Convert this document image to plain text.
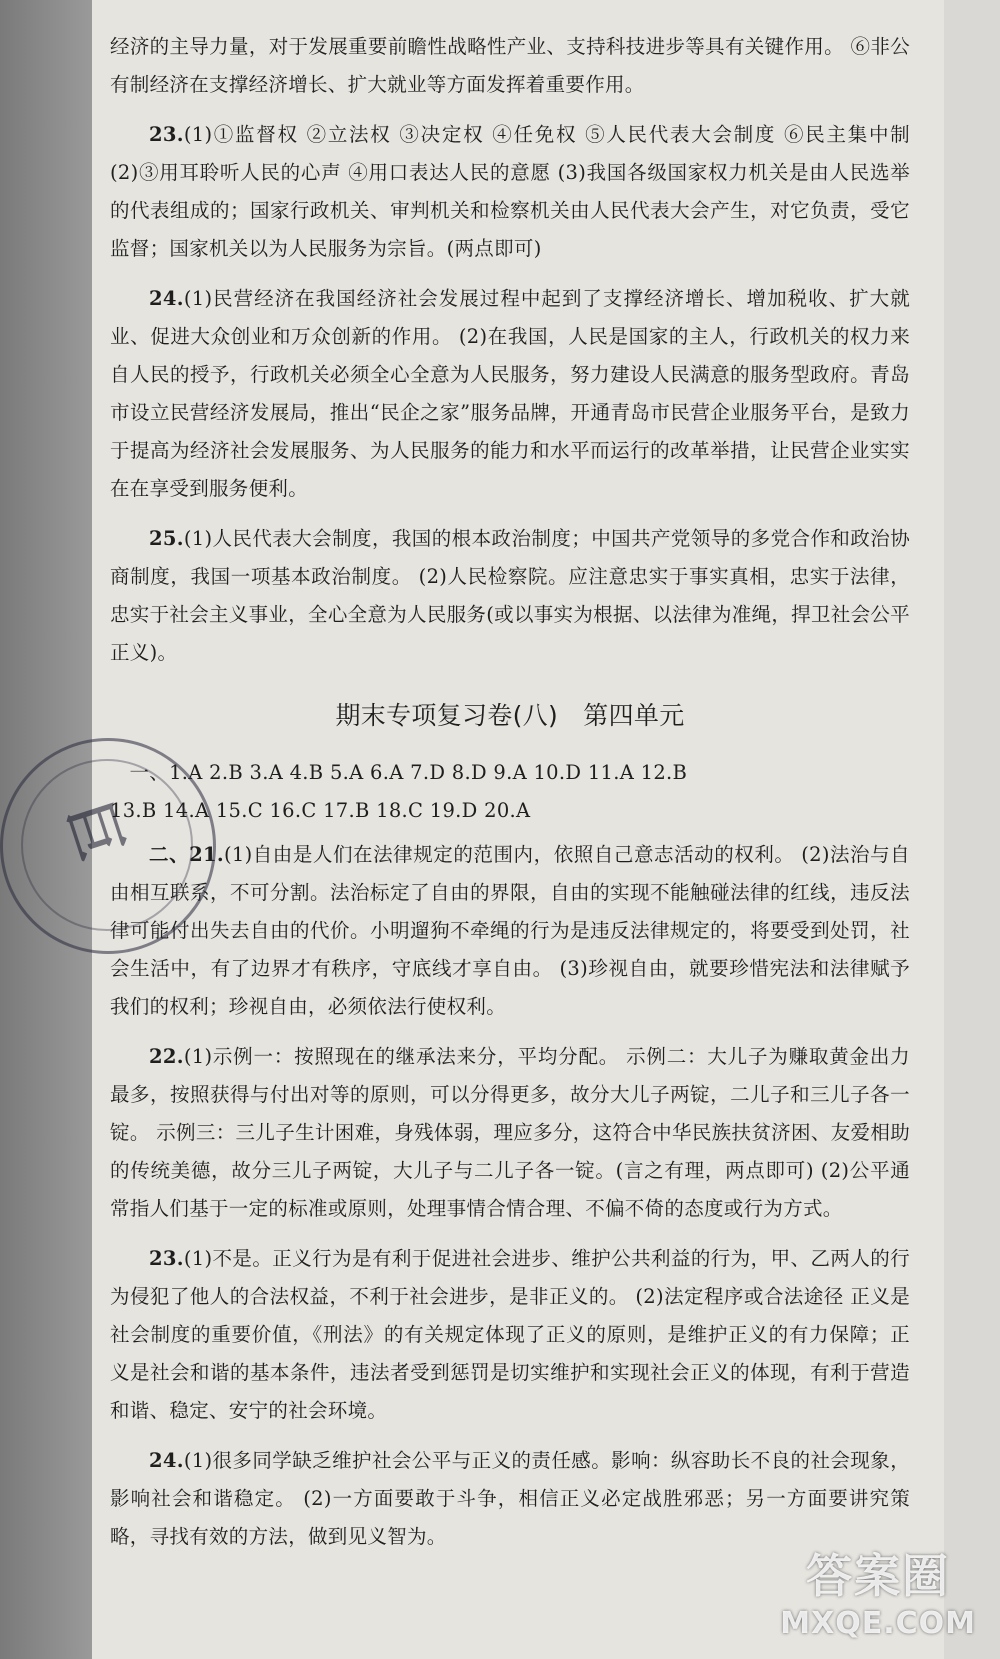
经济的主导力量，对于发展重要前瞻性战略性产业、支持科技进步等具有关键作用。 ⑥非公有制经济在支撑经济增长、扩大就业等方面发挥着重要作用。

23.(1)①监督权 ②立法权 ③决定权 ④任免权 ⑤人民代表大会制度 ⑥民主集中制 (2)③用耳聆听人民的心声 ④用口表达人民的意愿 (3)我国各级国家权力机关是由人民选举的代表组成的；国家行政机关、审判机关和检察机关由人民代表大会产生，对它负责，受它监督；国家机关以为人民服务为宗旨。(两点即可)

24.(1)民营经济在我国经济社会发展过程中起到了支撑经济增长、增加税收、扩大就业、促进大众创业和万众创新的作用。 (2)在我国，人民是国家的主人，行政机关的权力来自人民的授予，行政机关必须全心全意为人民服务，努力建设人民满意的服务型政府。青岛市设立民营经济发展局，推出“民企之家”服务品牌，开通青岛市民营企业服务平台，是致力于提高为经济社会发展服务、为人民服务的能力和水平而运行的改革举措，让民营企业实实在在享受到服务便利。

25.(1)人民代表大会制度，我国的根本政治制度；中国共产党领导的多党合作和政治协商制度，我国一项基本政治制度。 (2)人民检察院。应注意忠实于事实真相，忠实于法律，忠实于社会主义事业，全心全意为人民服务(或以事实为根据、以法律为准绳，捍卫社会公平正义)。

期末专项复习卷(八)　第四单元

一、1.A 2.B 3.A 4.B 5.A 6.A 7.D 8.D 9.A 10.D 11.A 12.B

13.B 14.A 15.C 16.C 17.B 18.C 19.D 20.A

二、21.(1)自由是人们在法律规定的范围内，依照自己意志活动的权利。 (2)法治与自由相互联系，不可分割。法治标定了自由的界限，自由的实现不能触碰法律的红线，违反法律可能付出失去自由的代价。小明遛狗不牵绳的行为是违反法律规定的，将要受到处罚，社会生活中，有了边界才有秩序，守底线才享自由。 (3)珍视自由，就要珍惜宪法和法律赋予我们的权利；珍视自由，必须依法行使权利。

22.(1)示例一：按照现在的继承法来分，平均分配。 示例二：大儿子为赚取黄金出力最多，按照获得与付出对等的原则，可以分得更多，故分大儿子两锭，二儿子和三儿子各一锭。 示例三：三儿子生计困难，身残体弱，理应多分，这符合中华民族扶贫济困、友爱相助的传统美德，故分三儿子两锭，大儿子与二儿子各一锭。(言之有理，两点即可) (2)公平通常指人们基于一定的标准或原则，处理事情合情合理、不偏不倚的态度或行为方式。

23.(1)不是。正义行为是有利于促进社会进步、维护公共利益的行为，甲、乙两人的行为侵犯了他人的合法权益，不利于社会进步，是非正义的。 (2)法定程序或合法途径 正义是社会制度的重要价值，《刑法》的有关规定体现了正义的原则，是维护正义的有力保障；正义是社会和谐的基本条件，违法者受到惩罚是切实维护和实现社会正义的体现，有利于营造和谐、稳定、安宁的社会环境。

24.(1)很多同学缺乏维护社会公平与正义的责任感。影响：纵容助长不良的社会现象，影响社会和谐稳定。 (2)一方面要敢于斗争，相信正义必定战胜邪恶；另一方面要讲究策略，寻找有效的方法，做到见义智为。

巨
答案圈
MXQE.COM
